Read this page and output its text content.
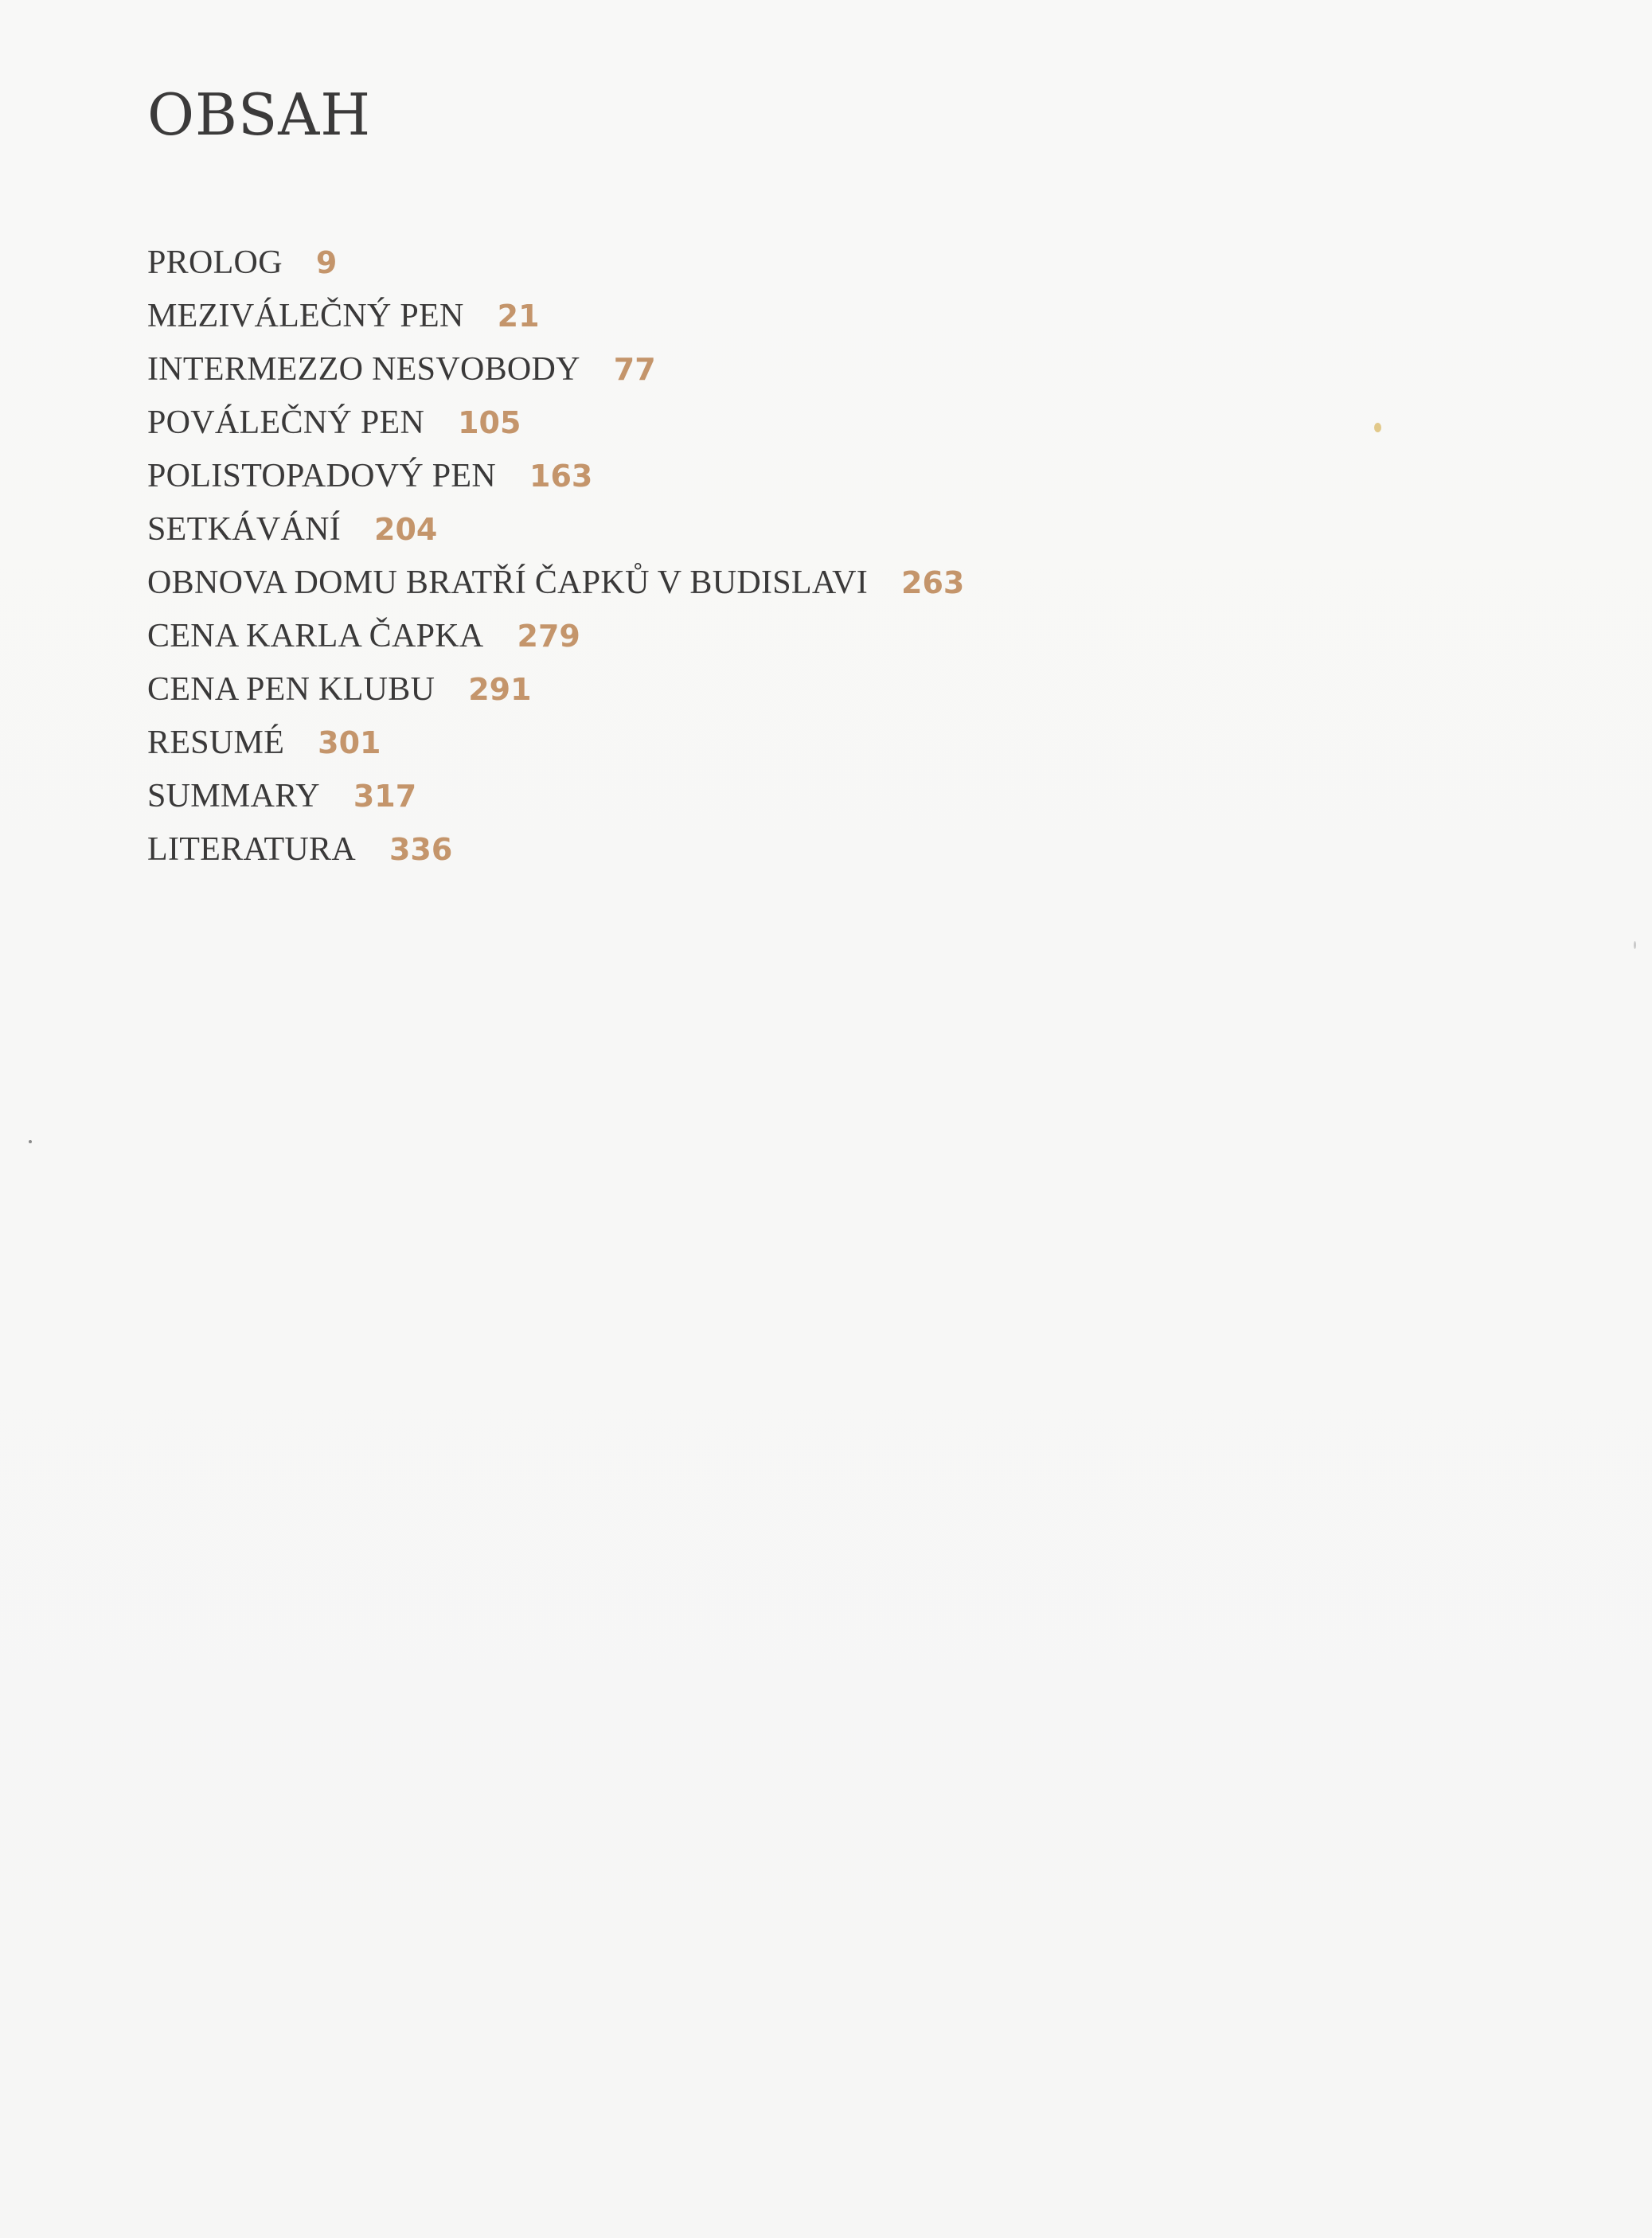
OBSAH
PROLOG 9
MEZIVÁLEČNÝ PEN 21
INTERMEZZO NESVOBODY 77
POVÁLEČNÝ PEN 105
POLISTOPADOVÝ PEN 163
SETKÁVÁNÍ 204
OBNOVA DOMU BRATŘÍ ČAPKŮ V BUDISLAVI 263
CENA KARLA ČAPKA 279
CENA PEN KLUBU 291
RESUMÉ 301
SUMMARY 317
LITERATURA 336
